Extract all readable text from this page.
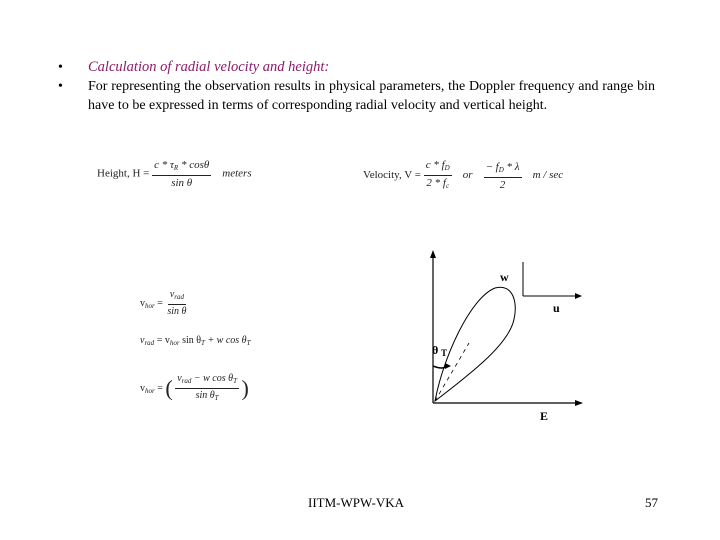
•	Calculation of radial velocity and height:
•	For representing the observation results in physical parameters, the Doppler frequency and range bin have to be expressed in terms of corresponding radial velocity and vertical height.
Height, $H = \frac{c * \tau_R * \cos\theta}{\text{sin θ}}$ meters	Velocity, $V = \frac{c * f_D}{2 * f_c}$ or $\frac{- f_D * \lambda}{2}$ m / sec
$v_{hor} = \frac{v_{rad}}{\text{sin θ}}$
$v_{rad} = v_{hor}$ $\sin \theta_T + w$ $\cos \theta_T$
$v_{hor}$ = ( $\frac{v_{rad} - w \cos \theta_T}{\sin \theta_T}$ )
w
u
E
θ T
IITM-WPW-VKA	57
